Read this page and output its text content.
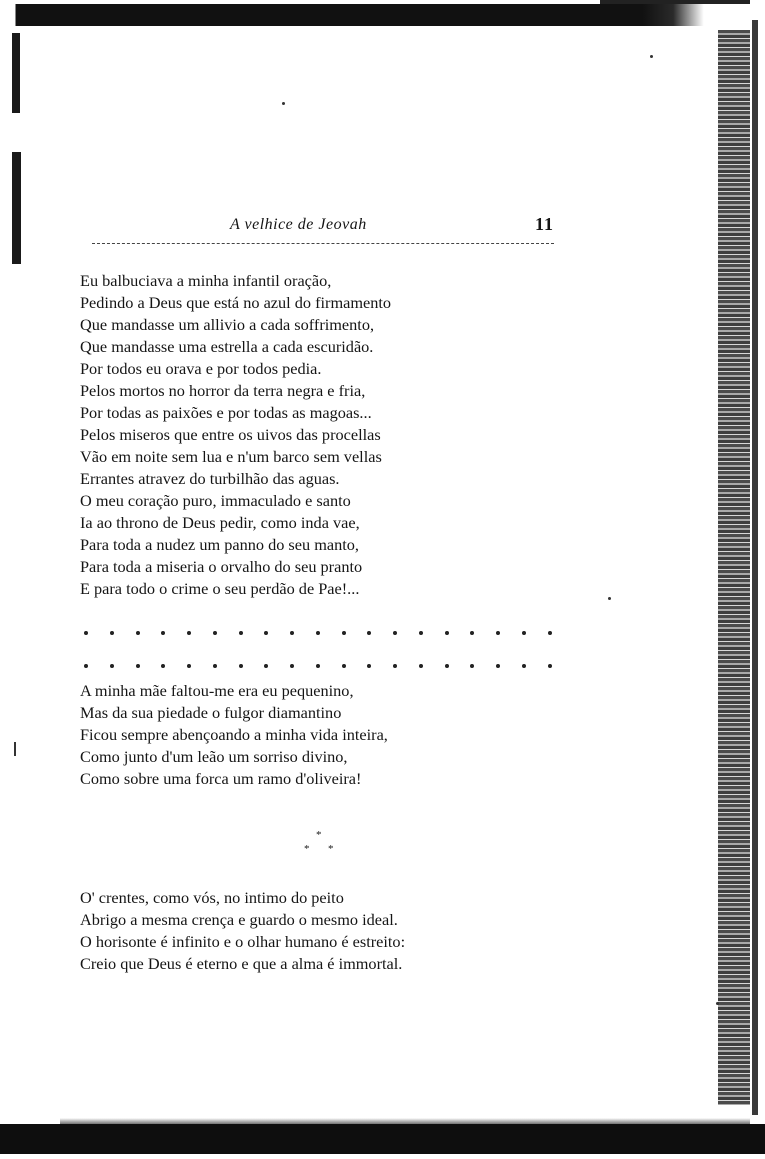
A velhice de Jeovah	11
Eu balbuciava a minha infantil oração,
Pedindo a Deus que está no azul do firmamento
Que mandasse um allivio a cada soffrimento,
Que mandasse uma estrella a cada escuridão.
Por todos eu orava e por todos pedia.
Pelos mortos no horror da terra negra e fria,
Por todas as paixões e por todas as magoas...
Pelos miseros que entre os uivos das procellas
Vão em noite sem lua e n'um barco sem vellas
Errantes atravez do turbilhão das aguas.
O meu coração puro, immaculado e santo
Ia ao throno de Deus pedir, como inda vae,
Para toda a nudez um panno do seu manto,
Para toda a miseria o orvalho do seu pranto
E para todo o crime o seu perdão de Pae!...
A minha mãe faltou-me era eu pequenino,
Mas da sua piedade o fulgor diamantino
Ficou sempre abençoando a minha vida inteira,
Como junto d'um leão um sorriso divino,
Como sobre uma forca um ramo d'oliveira!
*
* *
O' crentes, como vós, no intimo do peito
Abrigo a mesma crença e guardo o mesmo ideal.
O horisonte é infinito e o olhar humano é estreito:
Creio que Deus é eterno e que a alma é immortal.
